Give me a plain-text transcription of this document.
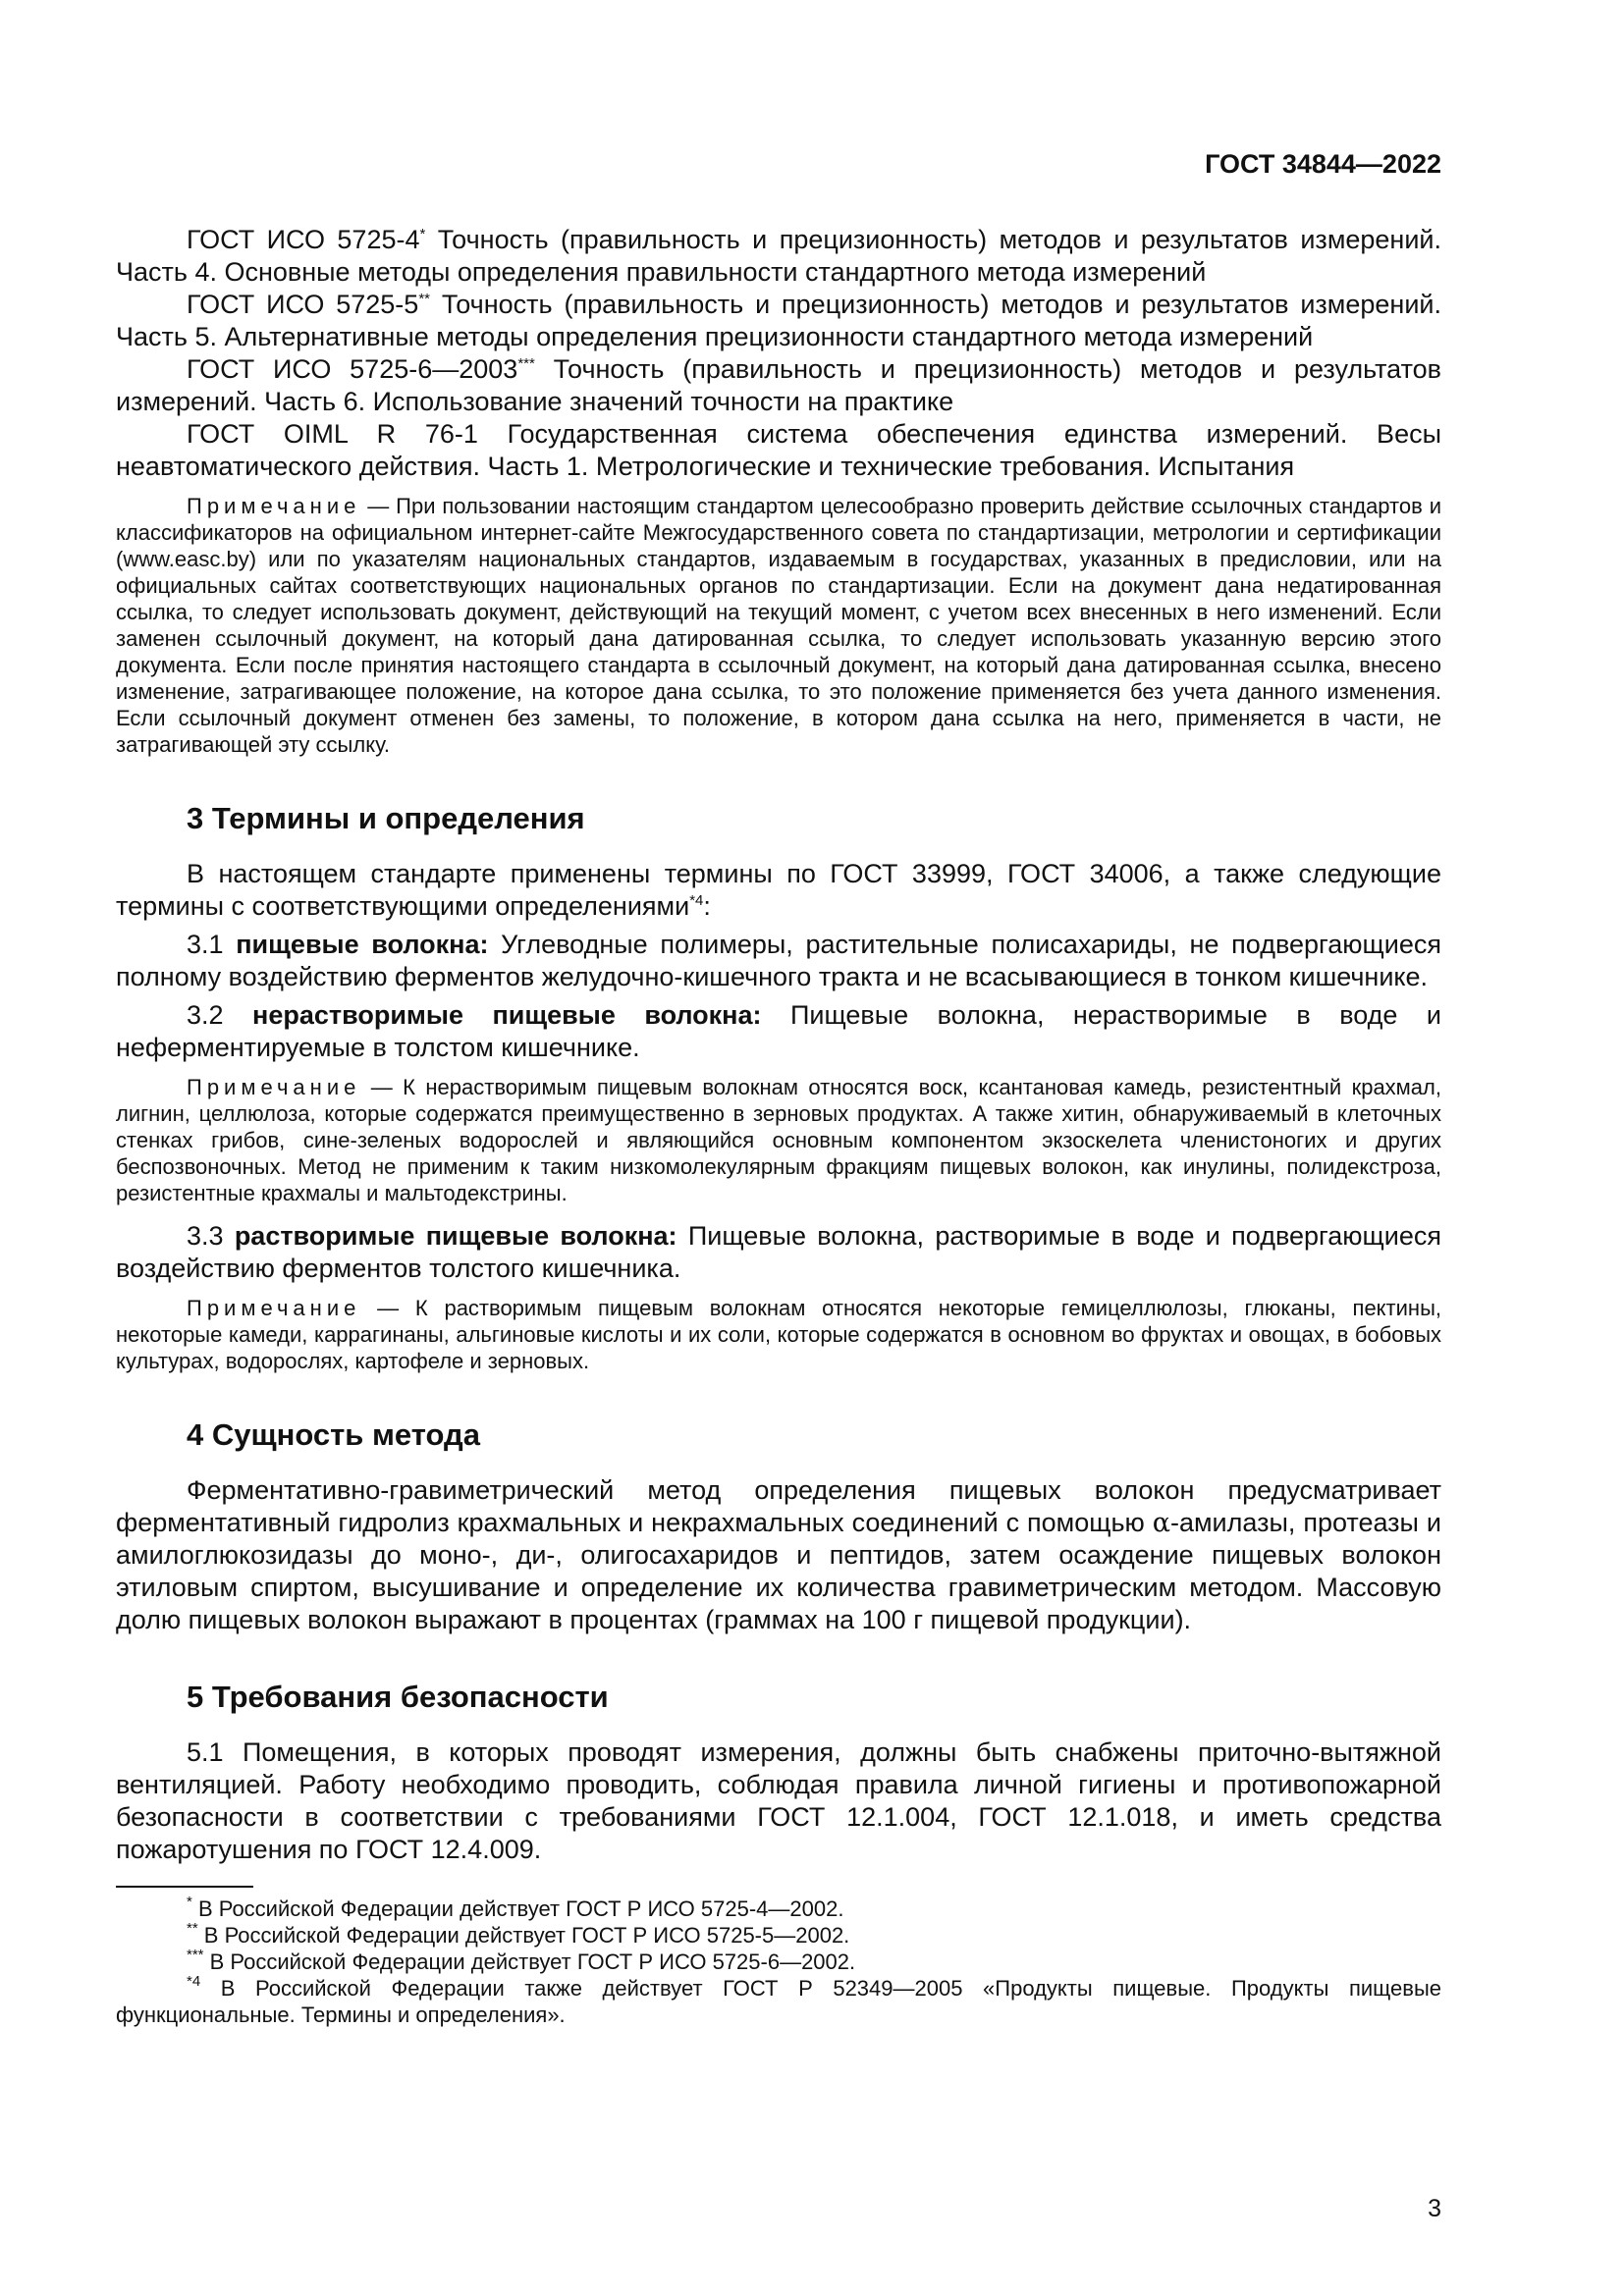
ГОСТ 34844—2022

ГОСТ ИСО 5725-4* Точность (правильность и прецизионность) методов и результатов измерений. Часть 4. Основные методы определения правильности стандартного метода измерений

ГОСТ ИСО 5725-5** Точность (правильность и прецизионность) методов и результатов измерений. Часть 5. Альтернативные методы определения прецизионности стандартного метода измерений

ГОСТ ИСО 5725-6—2003*** Точность (правильность и прецизионность) методов и результатов измерений. Часть 6. Использование значений точности на практике

ГОСТ OIML R 76-1 Государственная система обеспечения единства измерений. Весы неавтоматического действия. Часть 1. Метрологические и технические требования. Испытания

Примечание — При пользовании настоящим стандартом целесообразно проверить действие ссылочных стандартов и классификаторов на официальном интернет-сайте Межгосударственного совета по стандартизации, метрологии и сертификации (www.easc.by) или по указателям национальных стандартов, издаваемым в государствах, указанных в предисловии, или на официальных сайтах соответствующих национальных органов по стандартизации. Если на документ дана недатированная ссылка, то следует использовать документ, действующий на текущий момент, с учетом всех внесенных в него изменений. Если заменен ссылочный документ, на который дана датированная ссылка, то следует использовать указанную версию этого документа. Если после принятия настоящего стандарта в ссылочный документ, на который дана датированная ссылка, внесено изменение, затрагивающее положение, на которое дана ссылка, то это положение применяется без учета данного изменения. Если ссылочный документ отменен без замены, то положение, в котором дана ссылка на него, применяется в части, не затрагивающей эту ссылку.
3 Термины и определения

В настоящем стандарте применены термины по ГОСТ 33999, ГОСТ 34006, а также следующие термины с соответствующими определениями$^{*4}$:

3.1 пищевые волокна: Углеводные полимеры, растительные полисахариды, не подвергающиеся полному воздействию ферментов желудочно-кишечного тракта и не всасывающиеся в тонком кишечнике.

3.2 нерастворимые пищевые волокна: Пищевые волокна, нерастворимые в воде и неферментируемые в толстом кишечнике.

Примечание — К нерастворимым пищевым волокнам относятся воск, ксантановая камедь, резистентный крахмал, лигнин, целлюлоза, которые содержатся преимущественно в зерновых продуктах. А также хитин, обнаруживаемый в клеточных стенках грибов, сине-зеленых водорослей и являющийся основным компонентом экзоскелета членистоногих и других беспозвоночных. Метод не применим к таким низкомолекулярным фракциям пищевых волокон, как инулины, полидекстроза, резистентные крахмалы и мальтодекстрины.

3.3 растворимые пищевые волокна: Пищевые волокна, растворимые в воде и подвергающиеся воздействию ферментов толстого кишечника.

Примечание — К растворимым пищевым волокнам относятся некоторые гемицеллюлозы, глюканы, пектины, некоторые камеди, каррагинаны, альгиновые кислоты и их соли, которые содержатся в основном во фруктах и овощах, в бобовых культурах, водорослях, картофеле и зерновых.
4 Сущность метода

Ферментативно-гравиметрический метод определения пищевых волокон предусматривает ферментативный гидролиз крахмальных и некрахмальных соединений с помощью α-амилазы, протеазы и амилоглюкозидазы до моно-, ди-, олигосахаридов и пептидов, затем осаждение пищевых волокон этиловым спиртом, высушивание и определение их количества гравиметрическим методом. Массовую долю пищевых волокон выражают в процентах (граммах на 100 г пищевой продукции).

5 Требования безопасности

5.1 Помещения, в которых проводят измерения, должны быть снабжены приточно-вытяжной вентиляцией. Работу необходимо проводить, соблюдая правила личной гигиены и противопожарной безопасности в соответствии с требованиями ГОСТ 12.1.004, ГОСТ 12.1.018, и иметь средства пожаротушения по ГОСТ 12.4.009.

* В Российской Федерации действует ГОСТ Р ИСО 5725-4—2002.

** В Российской Федерации действует ГОСТ Р ИСО 5725-5—2002.

*** В Российской Федерации действует ГОСТ Р ИСО 5725-6—2002.

$^{*4}$ В Российской Федерации также действует ГОСТ Р 52349—2005 «Продукты пищевые. Продукты пищевые функциональные. Термины и определения».

3
